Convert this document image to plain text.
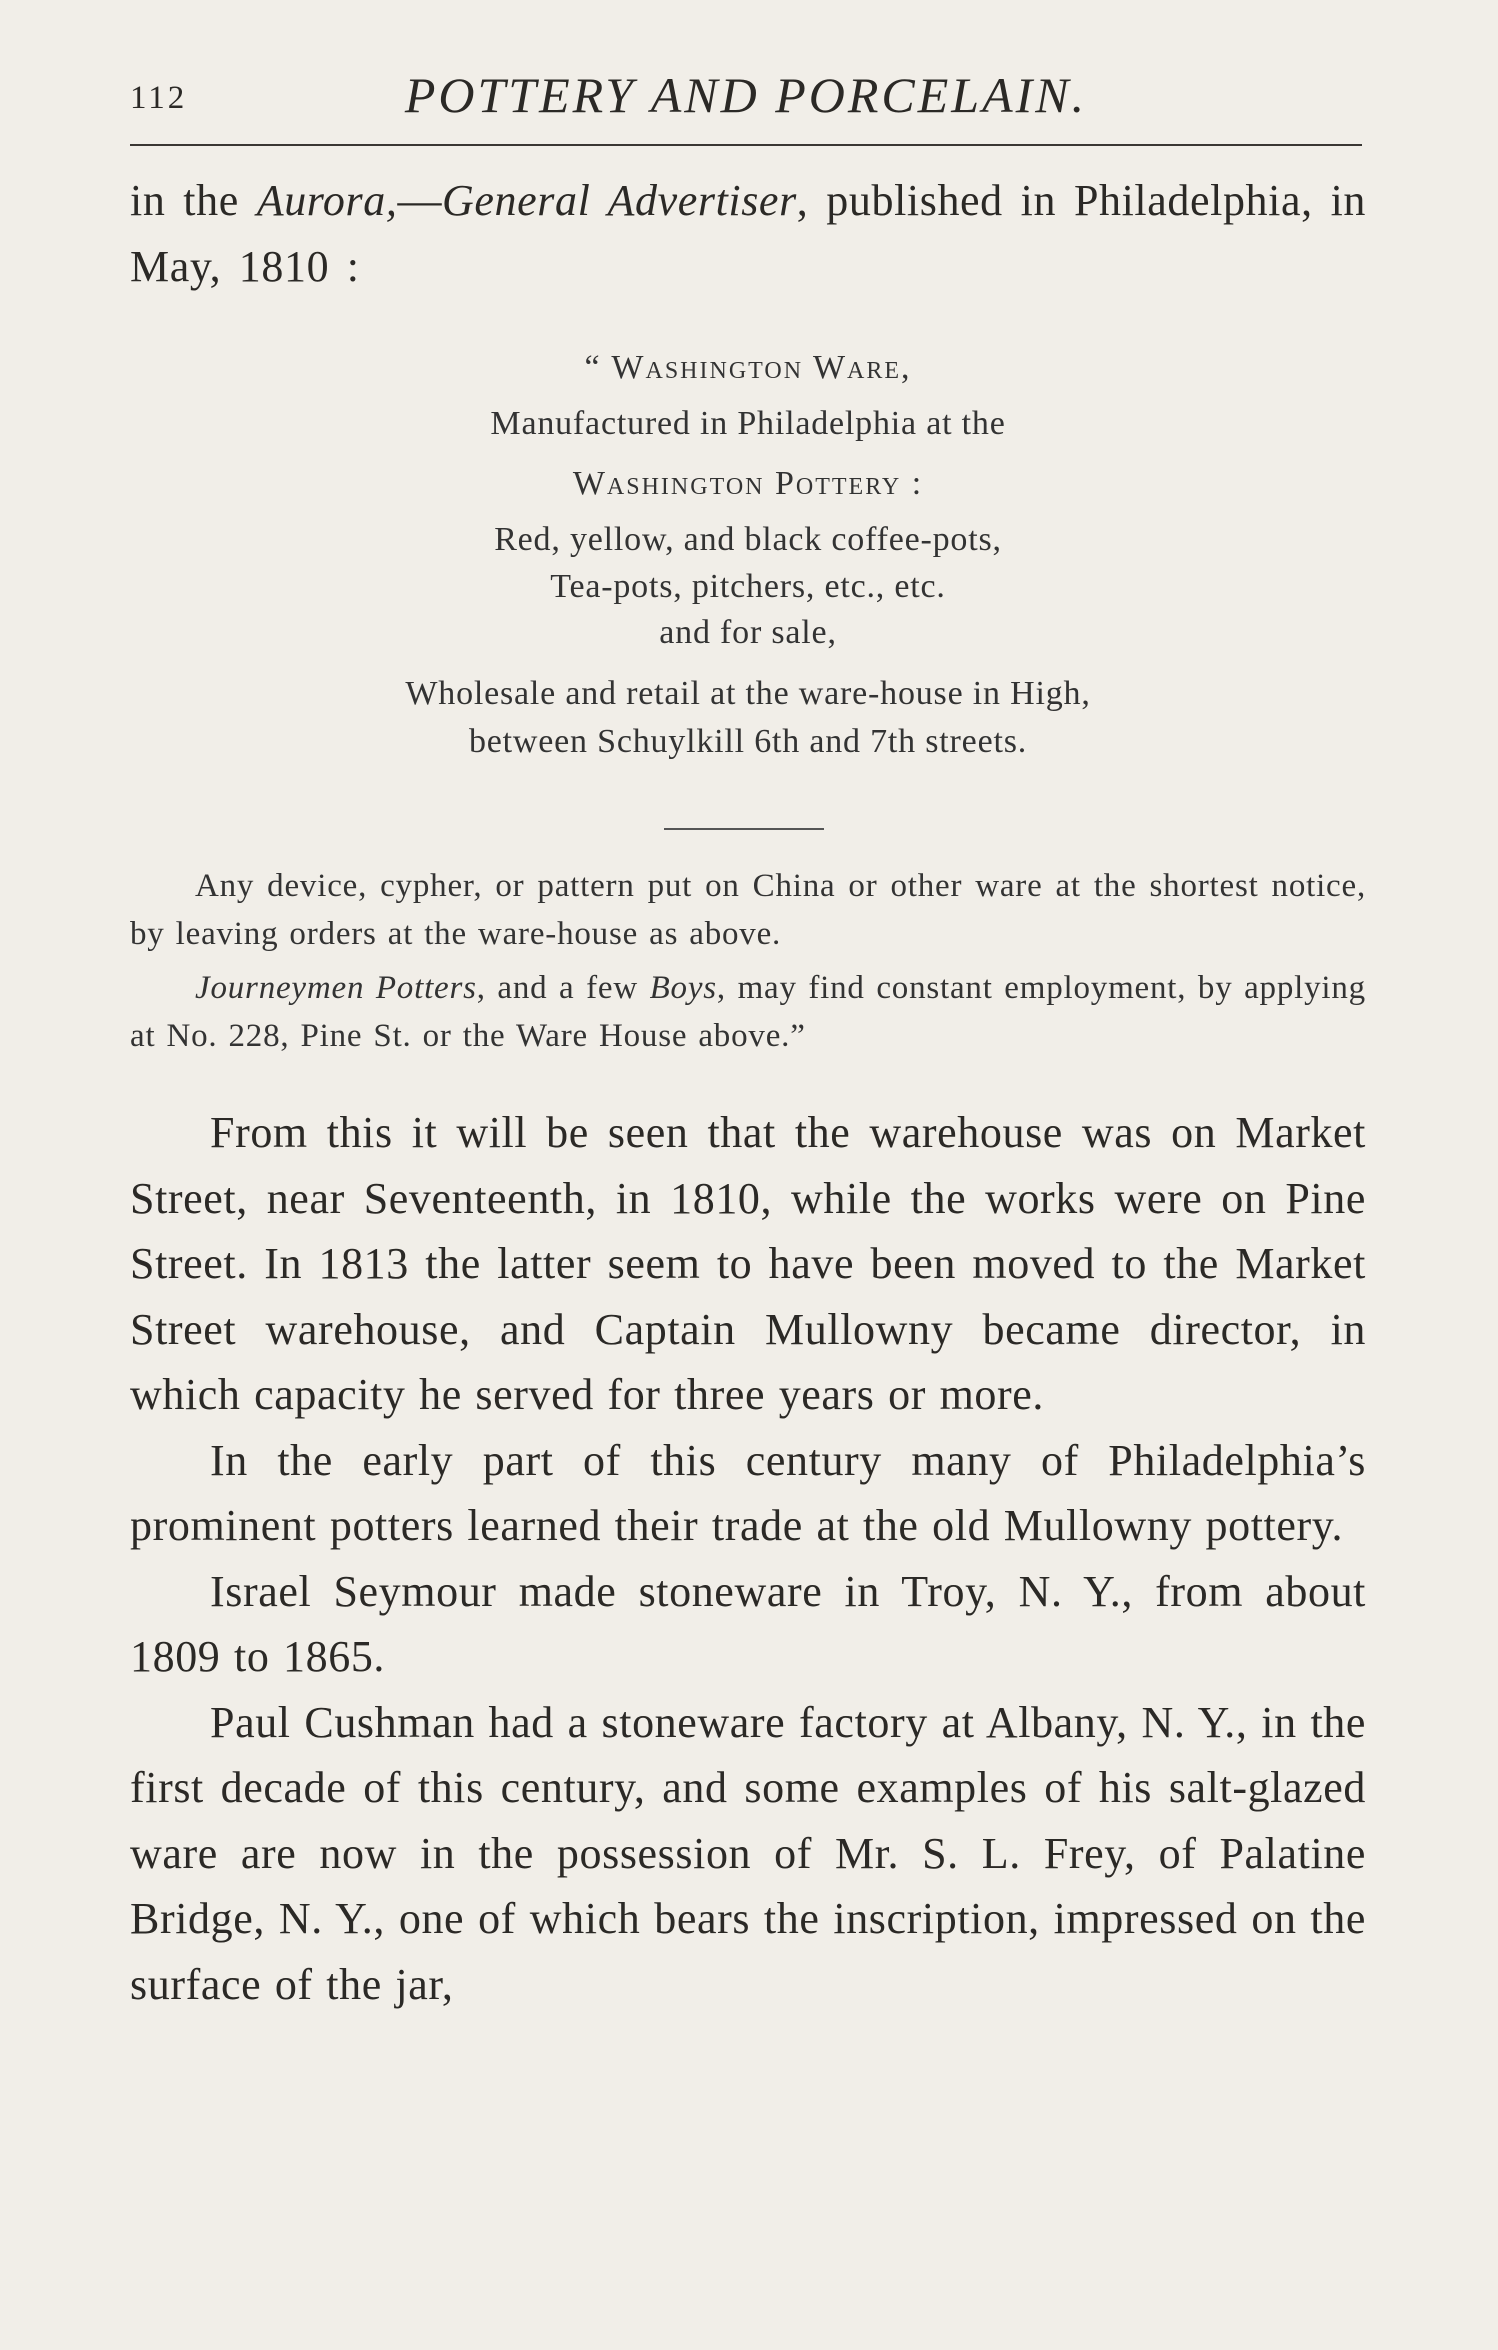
112	POTTERY AND PORCELAIN.

in the Aurora,—General Advertiser, published in Philadelphia, in May, 1810 :

“ Washington Ware,
Manufactured in Philadelphia at the
Washington Pottery :
Red, yellow, and black coffee-pots,
Tea-pots, pitchers, etc., etc.
and for sale,
Wholesale and retail at the ware-house in High,
between Schuylkill 6th and 7th streets.

Any device, cypher, or pattern put on China or other ware at the shortest notice, by leaving orders at the ware-house as above.

Journeymen Potters, and a few Boys, may find constant employment, by applying at No. 228, Pine St. or the Ware House above.”

From this it will be seen that the warehouse was on Market Street, near Seventeenth, in 1810, while the works were on Pine Street. In 1813 the latter seem to have been moved to the Market Street warehouse, and Captain Mullowny became director, in which capacity he served for three years or more.

In the early part of this century many of Philadelphia’s prominent potters learned their trade at the old Mullowny pottery.

Israel Seymour made stoneware in Troy, N. Y., from about 1809 to 1865.

Paul Cushman had a stoneware factory at Albany, N. Y., in the first decade of this century, and some examples of his salt-glazed ware are now in the possession of Mr. S. L. Frey, of Palatine Bridge, N. Y., one of which bears the inscription, impressed on the surface of the jar,
